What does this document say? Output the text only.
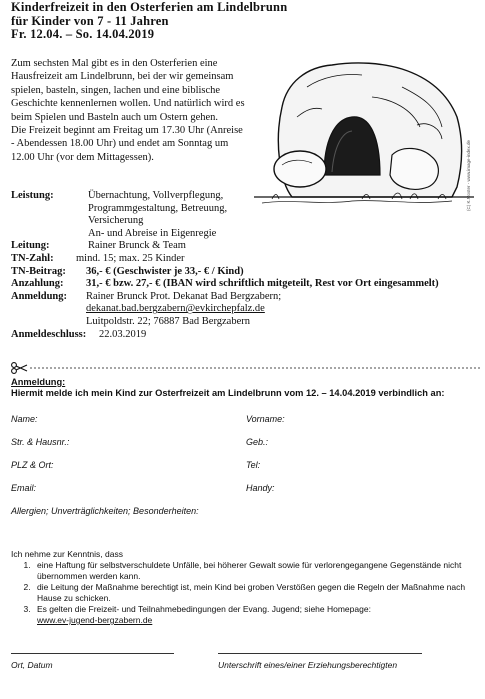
Kinderfreizeit in den Osterferien am Lindelbrunn
für Kinder von 7 - 11 Jahren
Fr. 12.04. – So. 14.04.2019
Zum sechsten Mal gibt es in den Osterferien eine Hausfreizeit am Lindelbrunn, bei der wir gemeinsam spielen, basteln, singen, lachen und eine biblische Geschichte kennenlernen wollen. Und natürlich wird es beim Spielen und Basteln auch um Ostern gehen.
Die Freizeit beginnt am Freitag um 17.30 Uhr (Anreise - Abendessen 18.00 Uhr) und endet am Sonntag um 12.00 Uhr (vor dem Mittagessen).	(C) K.Moster - www.image-index.de
Leistung:	Übernachtung, Vollverpflegung,
Programmgestaltung, Betreuung,
Versicherung
An- und Abreise in Eigenregie
Leitung:	Rainer Brunck & Team
TN-Zahl: mind. 15; max. 25 Kinder
TN-Beitrag: 36,- € (Geschwister je 33,- € / Kind)
Anzahlung: 31,- € bzw. 27,- € (IBAN wird schriftlich mitgeteilt, Rest vor Ort eingesammelt)
Anmeldung: Rainer Brunck Prot. Dekanat Bad Bergzabern;
dekanat.bad.bergzabern@evkirchepfalz.de
Luitpoldstr. 22; 76887 Bad Bergzabern
Anmeldeschluss: 22.03.2019
Anmeldung:
Hiermit melde ich mein Kind zur Osterfreizeit am Lindelbrunn vom 12. – 14.04.2019 verbindlich an:
Name:	Vorname:
Str. & Hausnr.:	Geb.:
PLZ & Ort:	Tel:
Email:	Handy:
Allergien; Unverträglichkeiten; Besonderheiten:
Ich nehme zur Kenntnis, dass
1. eine Haftung für selbstverschuldete Unfälle, bei höherer Gewalt sowie für verlorengegangene Gegenstände nicht übernommen werden kann.
2. die Leitung der Maßnahme berechtigt ist, mein Kind bei groben Verstößen gegen die Regeln der Maßnahme nach Hause zu schicken.
3. Es gelten die Freizeit- und Teilnahmebedingungen der Evang. Jugend; siehe Homepage:
www.ev-jugend-bergzabern.de
Ort, Datum	Unterschrift eines/einer Erziehungsberechtigten
